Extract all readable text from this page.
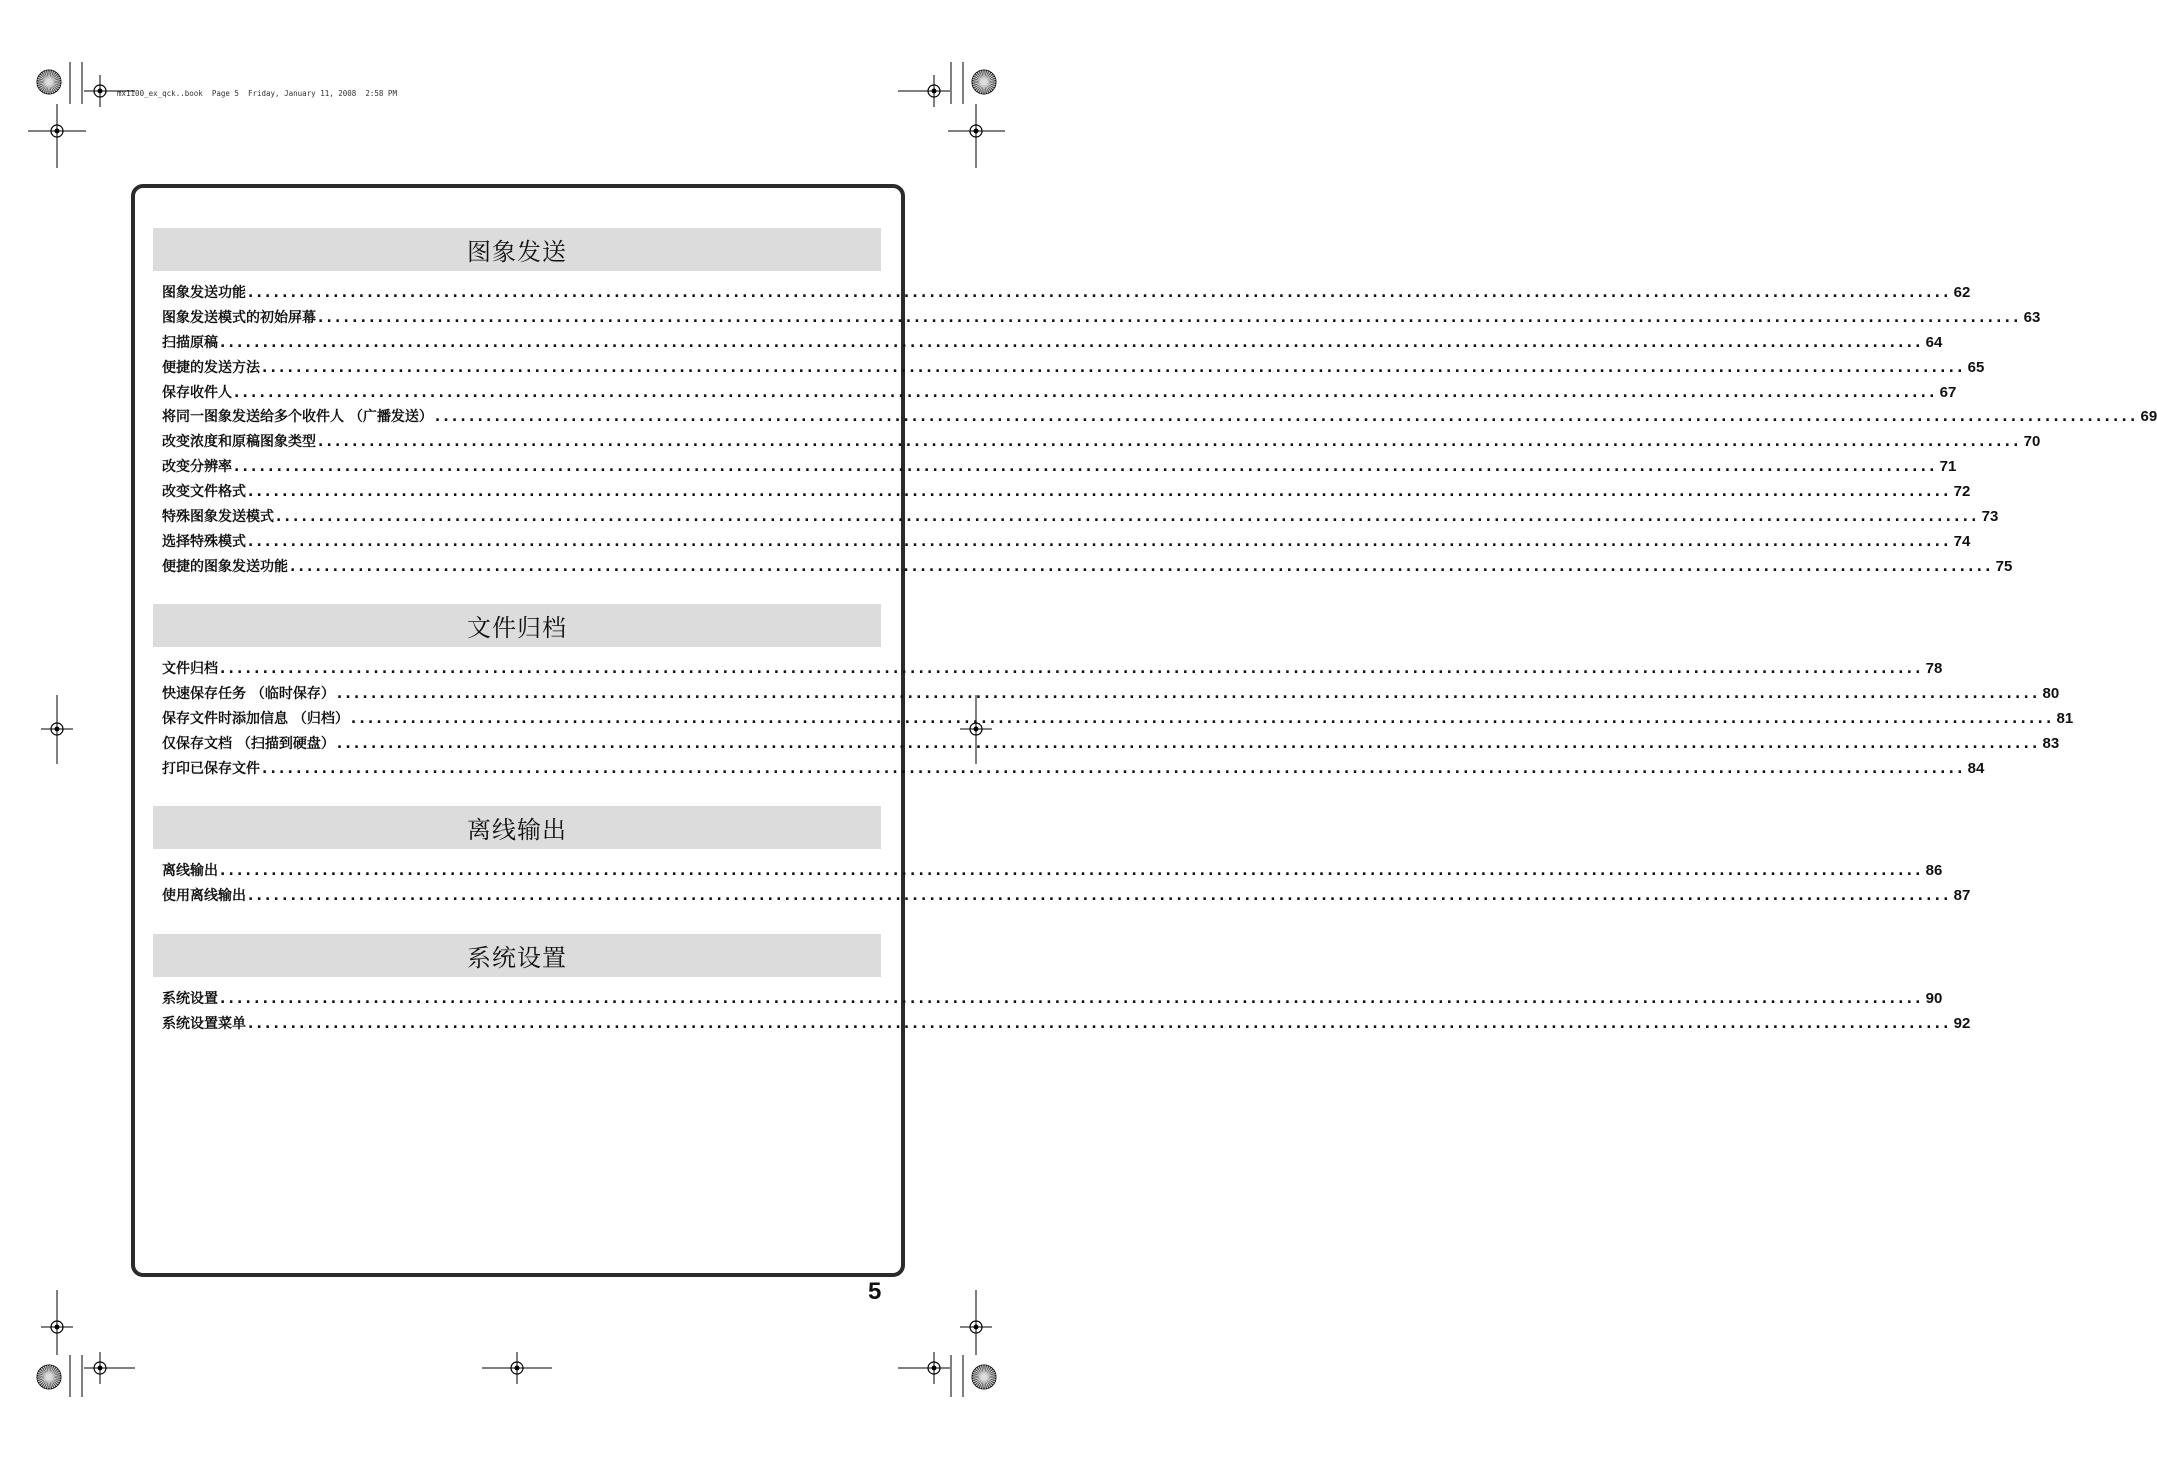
mx1100_ex_qck..book  Page 5  Friday, January 11, 2008  2:58 PM
图象发送
图象发送功能 ........................................................................................................................................................................................................ 62
图象发送模式的初始屏幕 ........................................................................................................................................................................................................ 63
扫描原稿 ........................................................................................................................................................................................................ 64
便捷的发送方法 ........................................................................................................................................................................................................ 65
保存收件人 ........................................................................................................................................................................................................ 67
将同一图象发送给多个收件人 （广播发送） ........................................................................................................................................................................................................ 69
改变浓度和原稿图象类型 ........................................................................................................................................................................................................ 70
改变分辨率 ........................................................................................................................................................................................................ 71
改变文件格式 ........................................................................................................................................................................................................ 72
特殊图象发送模式 ........................................................................................................................................................................................................ 73
选择特殊模式 ........................................................................................................................................................................................................ 74
便捷的图象发送功能 ........................................................................................................................................................................................................ 75
文件归档
文件归档 ........................................................................................................................................................................................................ 78
快速保存任务 （临时保存） ........................................................................................................................................................................................................ 80
保存文件时添加信息 （归档） ........................................................................................................................................................................................................ 81
仅保存文档 （扫描到硬盘） ........................................................................................................................................................................................................ 83
打印已保存文件 ........................................................................................................................................................................................................ 84
离线输出
离线输出 ........................................................................................................................................................................................................ 86
使用离线输出 ........................................................................................................................................................................................................ 87
系统设置
系统设置 ........................................................................................................................................................................................................ 90
系统设置菜单 ........................................................................................................................................................................................................ 92
5
